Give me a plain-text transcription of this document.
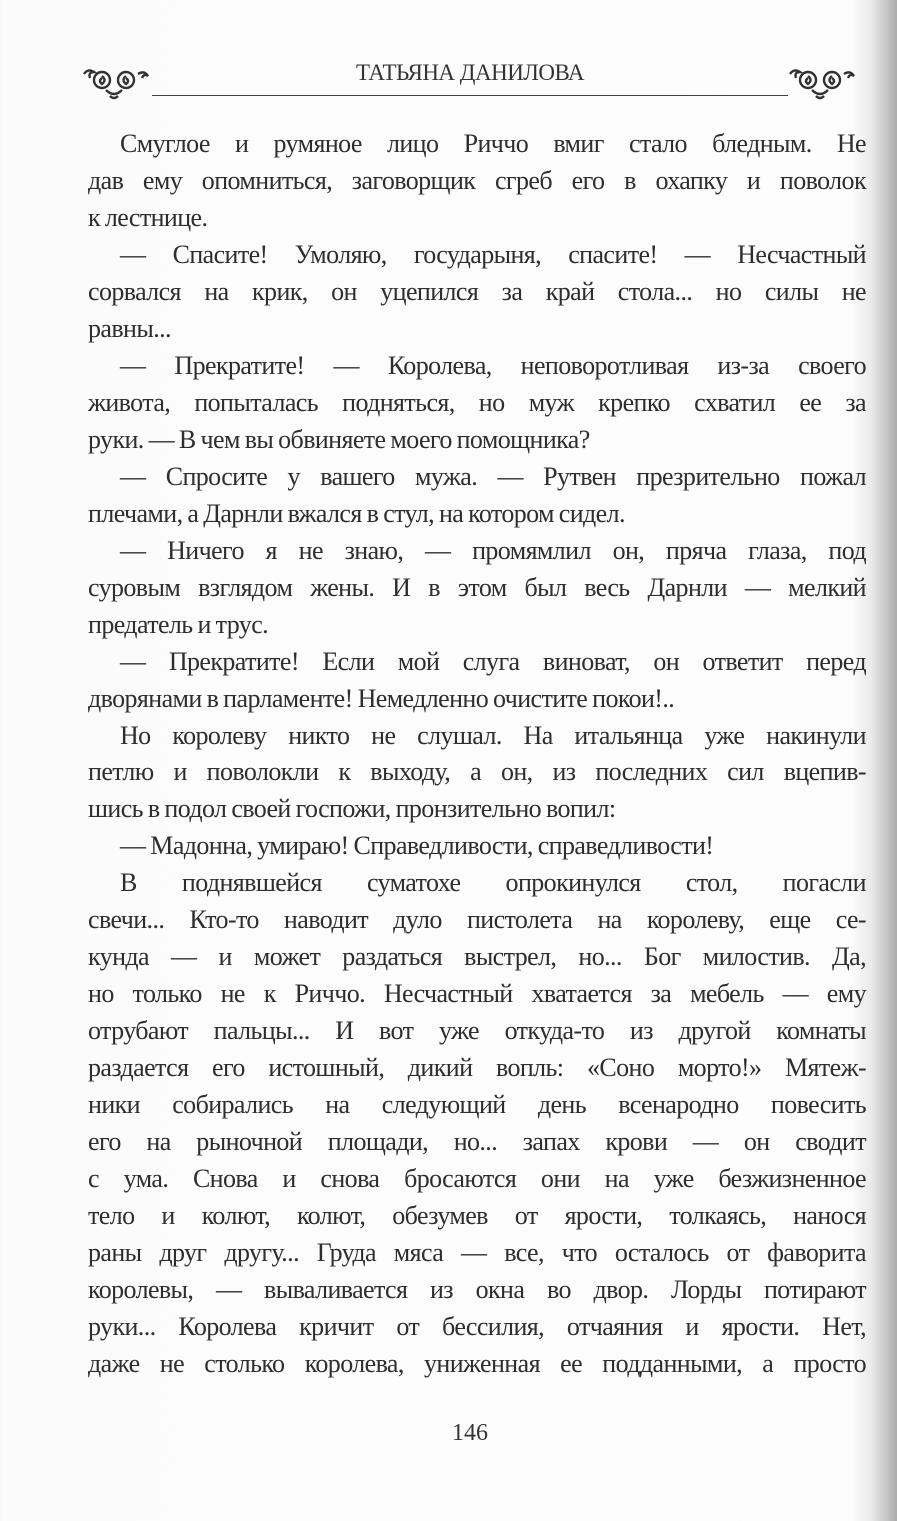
ТАТЬЯНА ДАНИЛОВА
Смуглое и румяное лицо Риччо вмиг стало бледным. Не
дав ему опомниться, заговорщик сгреб его в охапку и поволок
к лестнице.
— Спасите! Умоляю, государыня, спасите! — Несчастный
сорвался на крик, он уцепился за край стола... но силы не
равны...
— Прекратите! — Королева, неповоротливая из-за своего
живота, попыталась подняться, но муж крепко схватил ее за
руки. — В чем вы обвиняете моего помощника?
— Спросите у вашего мужа. — Рутвен презрительно пожал
плечами, а Дарнли вжался в стул, на котором сидел.
— Ничего я не знаю, — промямлил он, пряча глаза, под
суровым взглядом жены. И в этом был весь Дарнли — мелкий
предатель и трус.
— Прекратите! Если мой слуга виноват, он ответит перед
дворянами в парламенте! Немедленно очистите покои!..
Но королеву никто не слушал. На итальянца уже накинули
петлю и поволокли к выходу, а он, из последних сил вцепив-
шись в подол своей госпожи, пронзительно вопил:
— Мадонна, умираю! Справедливости, справедливости!
В поднявшейся суматохе опрокинулся стол, погасли
свечи... Кто-то наводит дуло пистолета на королеву, еще се-
кунда — и может раздаться выстрел, но... Бог милостив. Да,
но только не к Риччо. Несчастный хватается за мебель — ему
отрубают пальцы... И вот уже откуда-то из другой комнаты
раздается его истошный, дикий вопль: «Соно морто!» Мятеж-
ники собирались на следующий день всенародно повесить
его на рыночной площади, но... запах крови — он сводит
с ума. Снова и снова бросаются они на уже безжизненное
тело и колют, колют, обезумев от ярости, толкаясь, нанося
раны друг другу... Груда мяса — все, что осталось от фаворита
королевы, — вываливается из окна во двор. Лорды потирают
руки... Королева кричит от бессилия, отчаяния и ярости. Нет,
даже не столько королева, униженная ее подданными, а просто
146
